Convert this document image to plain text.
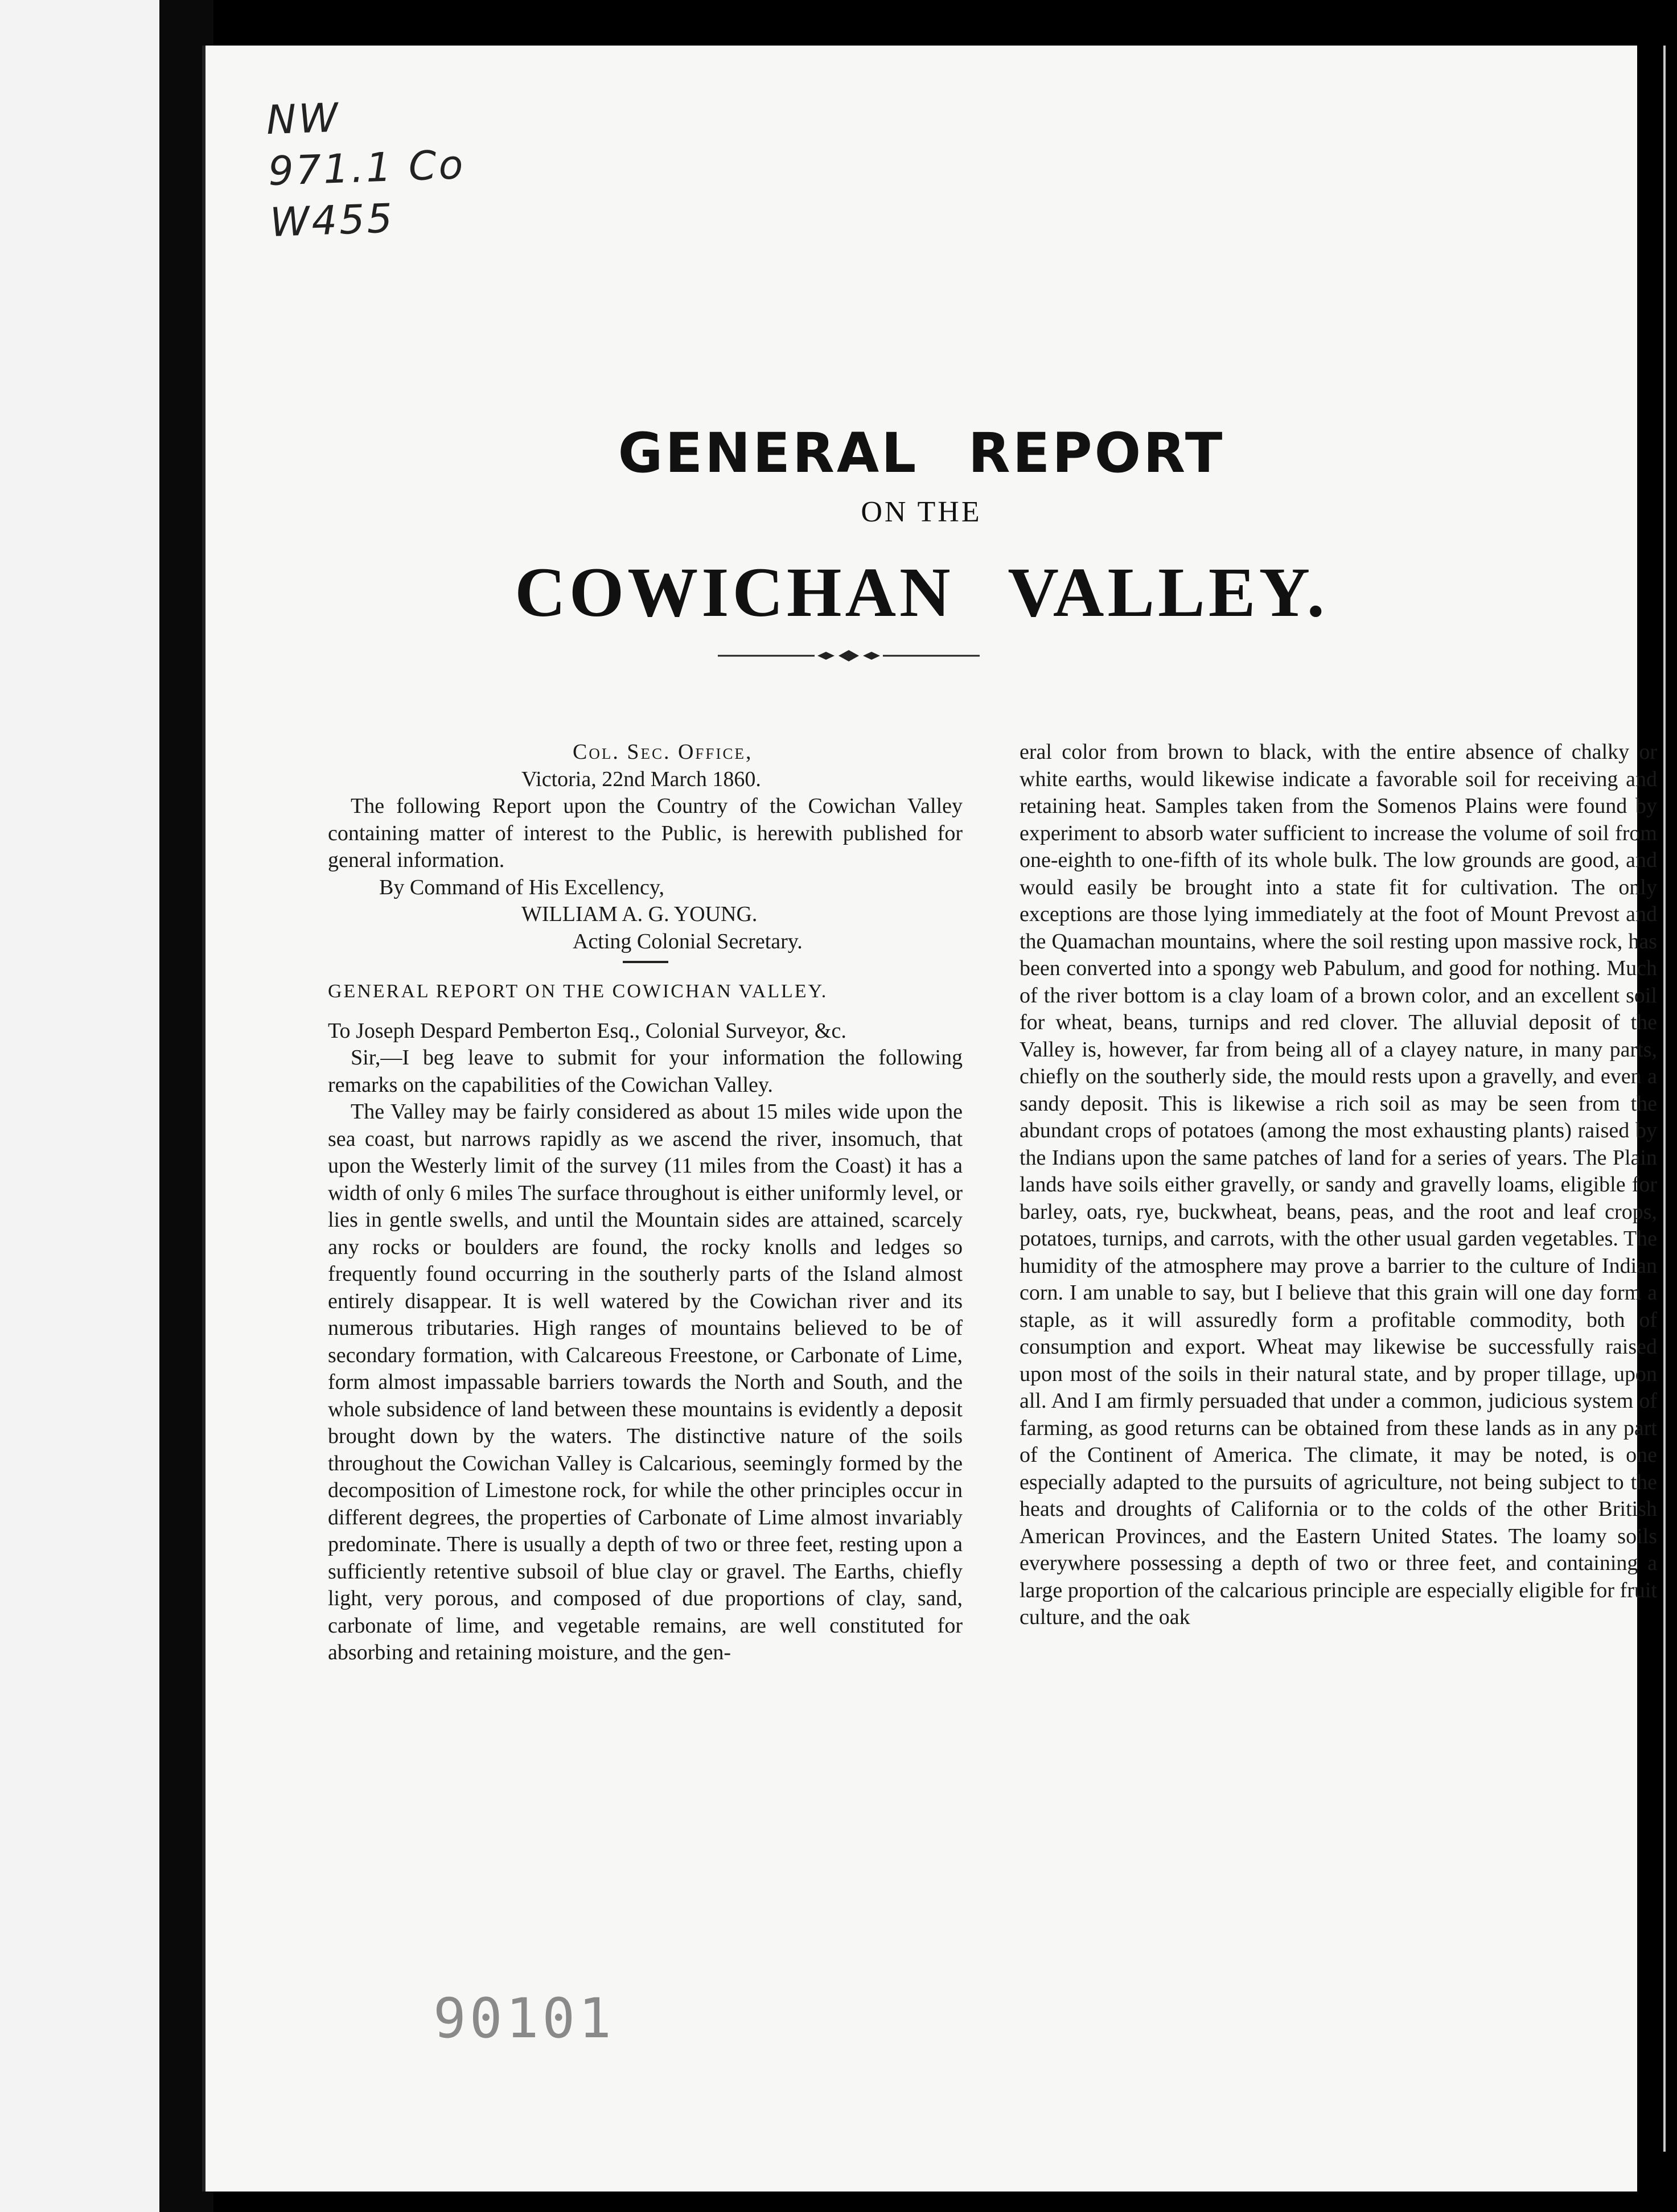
NW
971.1 Co
W455
GENERAL REPORT
ON THE
COWICHAN VALLEY.
Col. Sec. Office,
Victoria, 22nd March 1860.

The following Report upon the Country of the Cowichan Valley containing matter of interest to the Public, is herewith published for general information.

By Command of His Excellency,
WILLIAM A. G. YOUNG.
Acting Colonial Secretary.
GENERAL REPORT ON THE COWICHAN VALLEY.

To Joseph Despard Pemberton Esq., Colonial Surveyor, &c.

Sir,—I beg leave to submit for your information the following remarks on the capabilities of the Cowichan Valley.

The Valley may be fairly considered as about 15 miles wide upon the sea coast, but narrows rapidly as we ascend the river, insomuch, that upon the Westerly limit of the survey (11 miles from the Coast) it has a width of only 6 miles The surface throughout is either uniformly level, or lies in gentle swells, and until the Mountain sides are attained, scarcely any rocks or boulders are found, the rocky knolls and ledges so frequently found occurring in the southerly parts of the Island almost entirely disappear. It is well watered by the Cowichan river and its numerous tributaries. High ranges of mountains believed to be of secondary formation, with Calcareous Freestone, or Carbonate of Lime, form almost impassable barriers towards the North and South, and the whole subsidence of land between these mountains is evidently a deposit brought down by the waters. The distinctive nature of the soils throughout the Cowichan Valley is Calcarious, seemingly formed by the decomposition of Limestone rock, for while the other principles occur in different degrees, the properties of Carbonate of Lime almost invariably predominate. There is usually a depth of two or three feet, resting upon a sufficiently retentive subsoil of blue clay or gravel. The Earths, chiefly light, very porous, and composed of due proportions of clay, sand, carbonate of lime, and vegetable remains, are well constituted for absorbing and retaining moisture, and the gen-

eral color from brown to black, with the entire absence of chalky or white earths, would likewise indicate a favorable soil for receiving and retaining heat. Samples taken from the Somenos Plains were found by experiment to absorb water sufficient to increase the volume of soil from one-eighth to one-fifth of its whole bulk. The low grounds are good, and would easily be brought into a state fit for cultivation. The only exceptions are those lying immediately at the foot of Mount Prevost and the Quamachan mountains, where the soil resting upon massive rock, has been converted into a spongy web Pabulum, and good for nothing. Much of the river bottom is a clay loam of a brown color, and an excellent soil for wheat, beans, turnips and red clover. The alluvial deposit of the Valley is, however, far from being all of a clayey nature, in many parts, chiefly on the southerly side, the mould rests upon a gravelly, and even a sandy deposit. This is likewise a rich soil as may be seen from the abundant crops of potatoes (among the most exhausting plants) raised by the Indians upon the same patches of land for a series of years. The Plain lands have soils either gravelly, or sandy and gravelly loams, eligible for barley, oats, rye, buckwheat, beans, peas, and the root and leaf crops, potatoes, turnips, and carrots, with the other usual garden vegetables. The humidity of the atmosphere may prove a barrier to the culture of Indian corn. I am unable to say, but I believe that this grain will one day form a staple, as it will assuredly form a profitable commodity, both of consumption and export. Wheat may likewise be successfully raised upon most of the soils in their natural state, and by proper tillage, upon all. And I am firmly persuaded that under a common, judicious system of farming, as good returns can be obtained from these lands as in any part of the Continent of America. The climate, it may be noted, is one especially adapted to the pursuits of agriculture, not being subject to the heats and droughts of California or to the colds of the other British American Provinces, and the Eastern United States. The loamy soils everywhere possessing a depth of two or three feet, and containing a large proportion of the calcarious principle are especially eligible for fruit culture, and the oak

90101
